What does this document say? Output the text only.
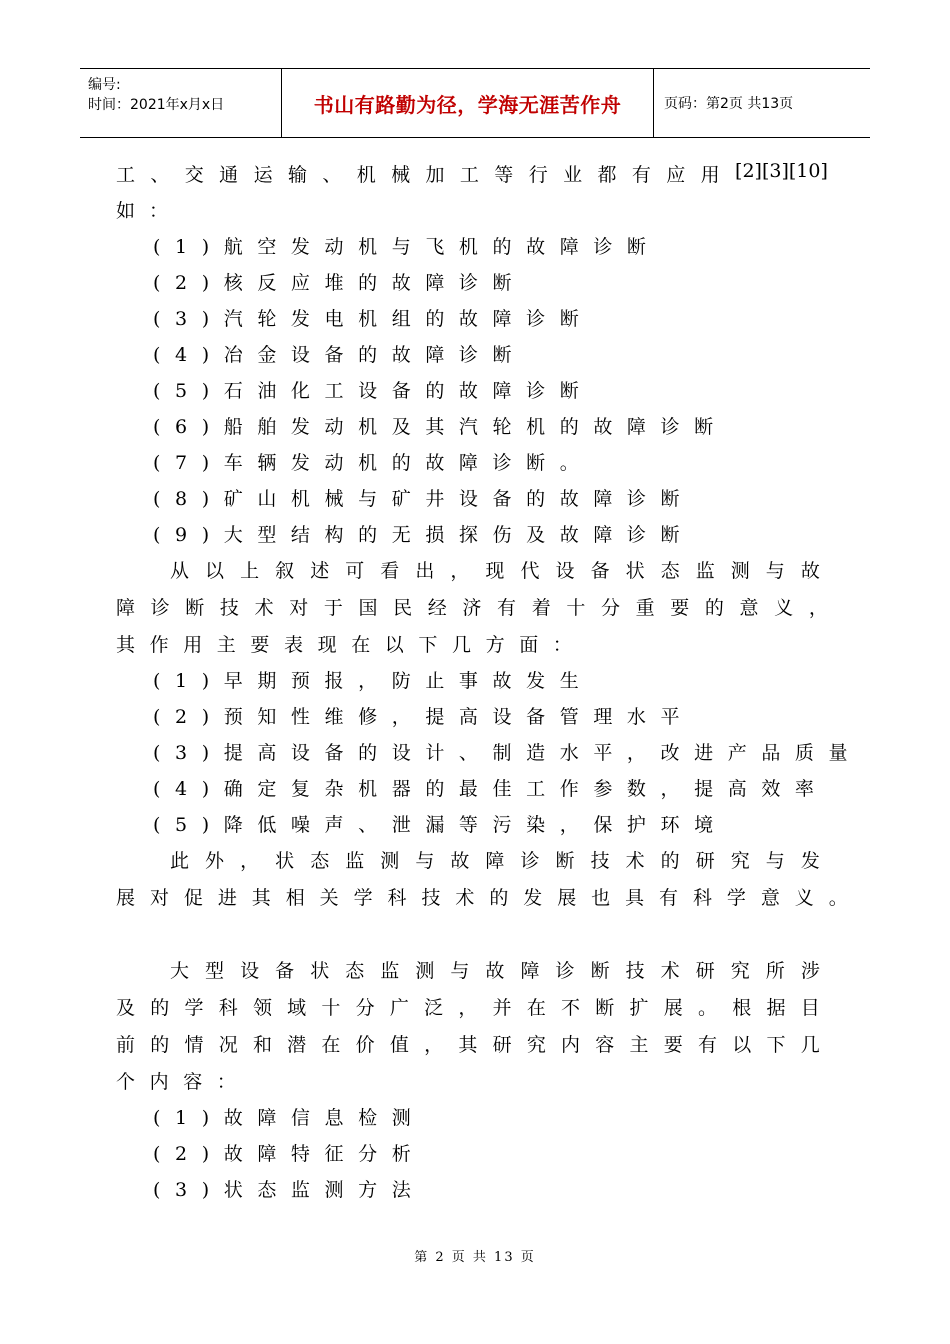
编号:
时间：2021年x月x日	书山有路勤为径，学海无涯苦作舟	页码：第2页 共13页
工 、 交 通 运 输 、 机 械 加 工 等 行 业 都 有 应 用 [2][3][10]
如：
(1)航空发动机与飞机的故障诊断
(2)核反应堆的故障诊断
(3)汽轮发电机组的故障诊断
(4)冶金设备的故障诊断
(5)石油化工设备的故障诊断
(6)船舶发动机及其汽轮机的故障诊断
(7)车辆发动机的故障诊断。
(8)矿山机械与矿井设备的故障诊断
(9)大型结构的无损探伤及故障诊断
从 以 上 叙 述 可 看 出 ， 现 代 设 备 状 态 监 测 与 故
障 诊 断 技 术 对 于 国 民 经 济 有 着 十 分 重 要 的 意 义 ，
其作用主要表现在以下几方面：
(1)早期预报，防止事故发生
(2)预知性维修，提高设备管理水平
(3)提高设备的设计、制造水平，改进产品质量
(4)确定复杂机器的最佳工作参数，提高效率
(5)降低噪声、泄漏等污染，保护环境
此 外 ， 状 态 监 测 与 故 障 诊 断 技 术 的 研 究 与 发
展 对 促 进 其 相 关 学 科 技 术 的 发 展 也 具 有 科 学 意 义 。
大 型 设 备 状 态 监 测 与 故 障 诊 断 技 术 研 究 所 涉
及 的 学 科 领 域 十 分 广 泛 ， 并 在 不 断 扩 展 。 根 据 目
前 的 情 况 和 潜 在 价 值 ， 其 研 究 内 容 主 要 有 以 下 几
个内容：
(1)故障信息检测
(2)故障特征分析
(3)状态监测方法
第 2 页 共 13 页
